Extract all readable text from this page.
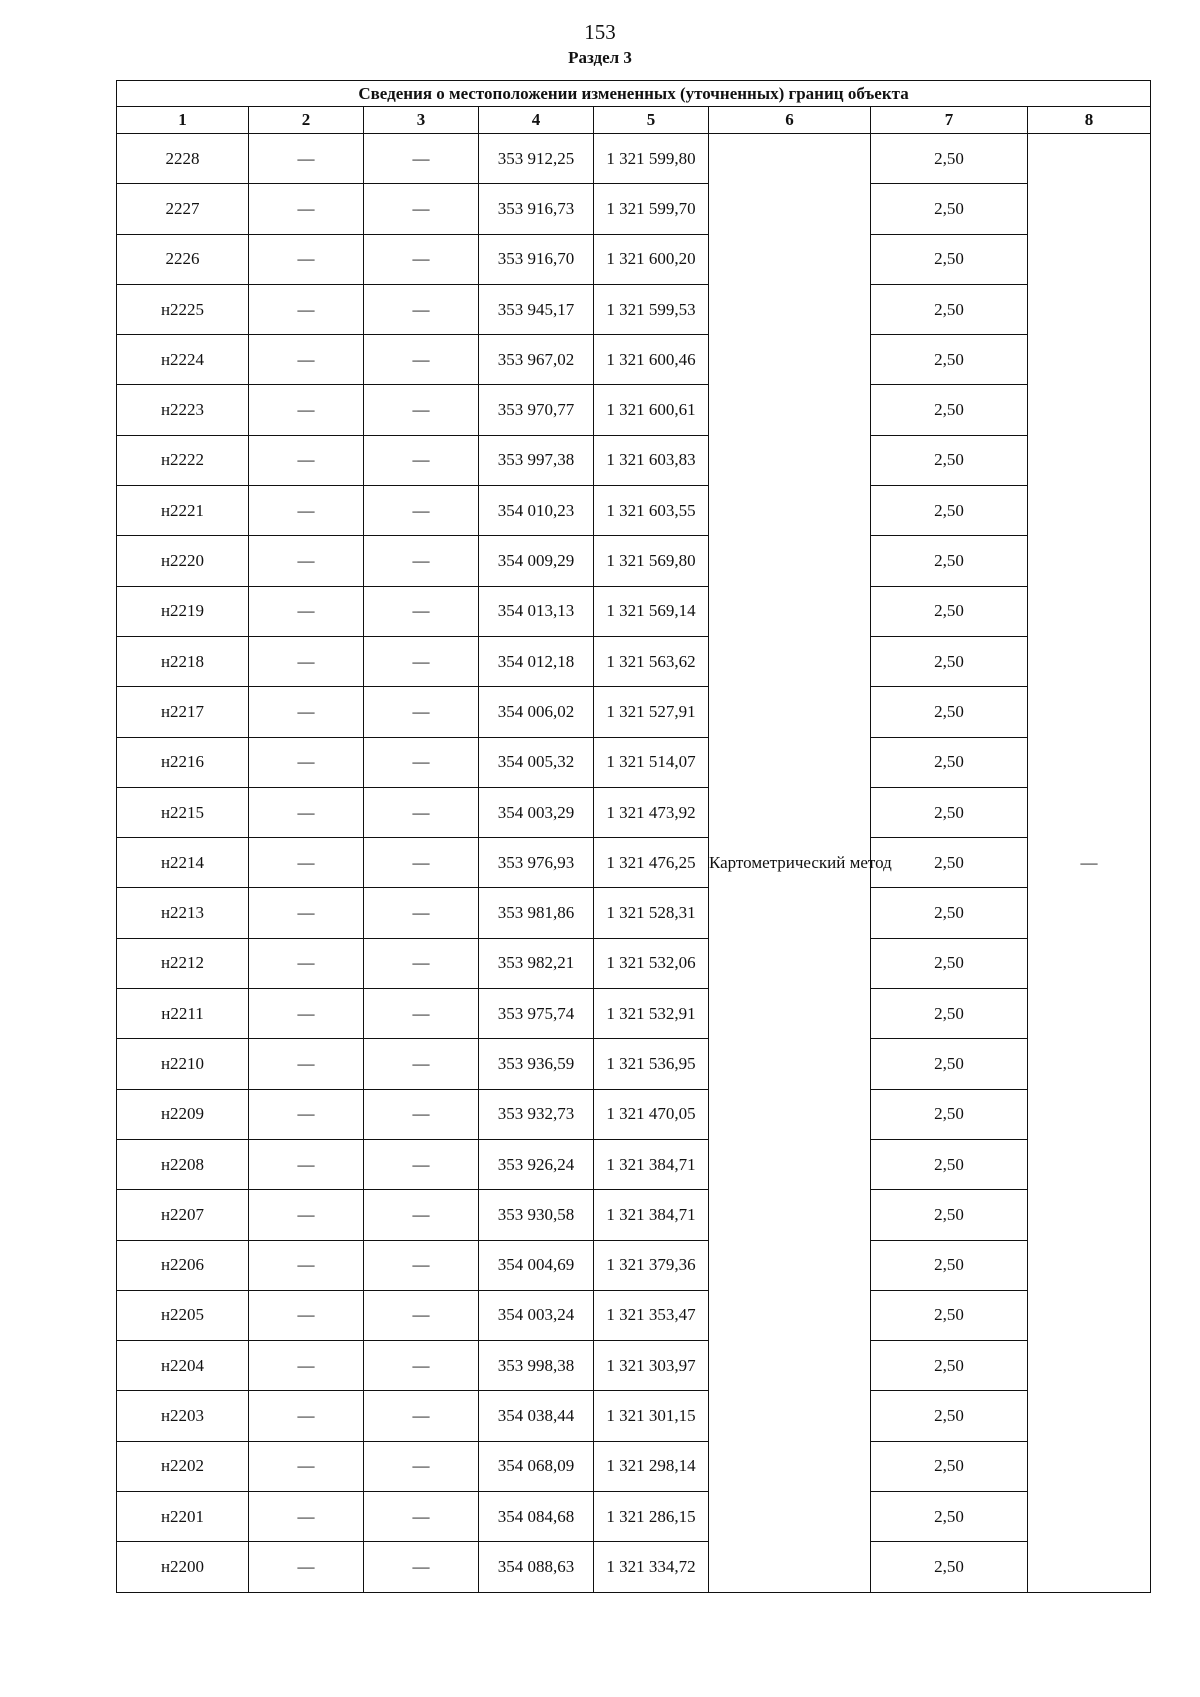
153
Раздел 3
Сведения о местоположении измененных (уточненных) границ объекта							
1	2	3	4	5	6	7	8
2228	—	—	353 912,25	1 321 599,80	Картометрический метод	2,50	—
2227	—	—	353 916,73	1 321 599,70		2,50	
2226	—	—	353 916,70	1 321 600,20		2,50	
н2225	—	—	353 945,17	1 321 599,53		2,50	
н2224	—	—	353 967,02	1 321 600,46		2,50	
н2223	—	—	353 970,77	1 321 600,61		2,50	
н2222	—	—	353 997,38	1 321 603,83		2,50	
н2221	—	—	354 010,23	1 321 603,55		2,50	
н2220	—	—	354 009,29	1 321 569,80		2,50	
н2219	—	—	354 013,13	1 321 569,14		2,50	
н2218	—	—	354 012,18	1 321 563,62		2,50	
н2217	—	—	354 006,02	1 321 527,91		2,50	
н2216	—	—	354 005,32	1 321 514,07		2,50	
н2215	—	—	354 003,29	1 321 473,92		2,50	
н2214	—	—	353 976,93	1 321 476,25		2,50	
н2213	—	—	353 981,86	1 321 528,31		2,50	
н2212	—	—	353 982,21	1 321 532,06		2,50	
н2211	—	—	353 975,74	1 321 532,91		2,50	
н2210	—	—	353 936,59	1 321 536,95		2,50	
н2209	—	—	353 932,73	1 321 470,05		2,50	
н2208	—	—	353 926,24	1 321 384,71		2,50	
н2207	—	—	353 930,58	1 321 384,71		2,50	
н2206	—	—	354 004,69	1 321 379,36		2,50	
н2205	—	—	354 003,24	1 321 353,47		2,50	
н2204	—	—	353 998,38	1 321 303,97		2,50	
н2203	—	—	354 038,44	1 321 301,15		2,50	
н2202	—	—	354 068,09	1 321 298,14		2,50	
н2201	—	—	354 084,68	1 321 286,15		2,50	
н2200	—	—	354 088,63	1 321 334,72		2,50	
